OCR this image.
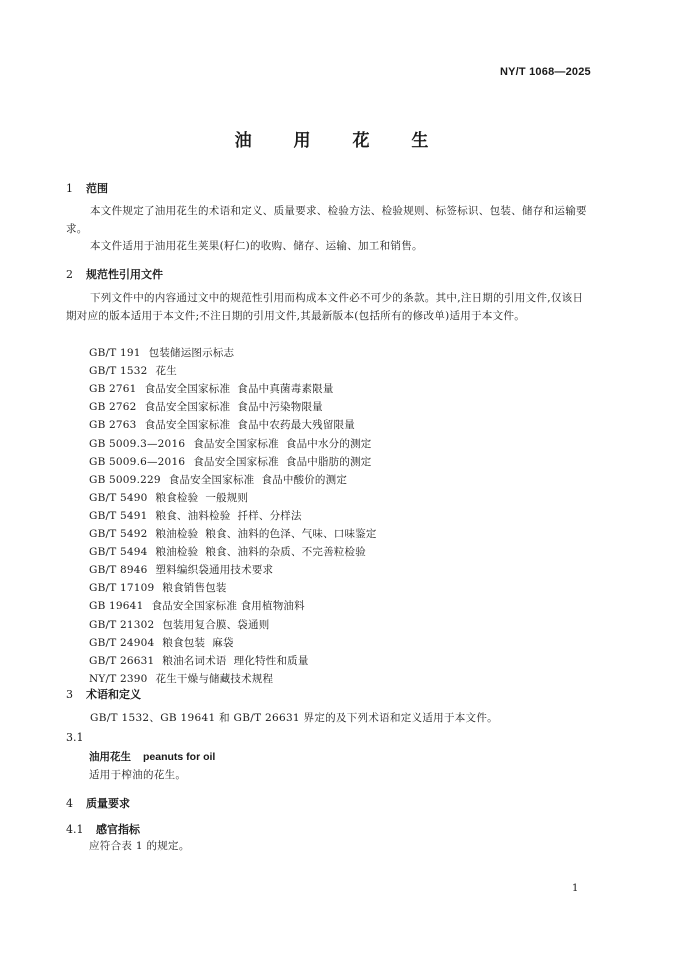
NY/T 1068—2025
油 用 花 生
1 范围
本文件规定了油用花生的术语和定义、质量要求、检验方法、检验规则、标签标识、包装、储存和运输要求。
本文件适用于油用花生荚果(籽仁)的收购、储存、运输、加工和销售。
2 规范性引用文件
下列文件中的内容通过文中的规范性引用而构成本文件必不可少的条款。其中,注日期的引用文件,仅该日期对应的版本适用于本文件;不注日期的引用文件,其最新版本(包括所有的修改单)适用于本文件。
GB/T 191 包装储运图示标志
GB/T 1532 花生
GB 2761 食品安全国家标准  食品中真菌毒素限量
GB 2762 食品安全国家标准  食品中污染物限量
GB 2763 食品安全国家标准  食品中农药最大残留限量
GB 5009.3—2016 食品安全国家标准  食品中水分的测定
GB 5009.6—2016 食品安全国家标准  食品中脂肪的测定
GB 5009.229 食品安全国家标准  食品中酸价的测定
GB/T 5490 粮食检验  一般规则
GB/T 5491 粮食、油料检验  扦样、分样法
GB/T 5492 粮油检验  粮食、油料的色泽、气味、口味鉴定
GB/T 5494 粮油检验  粮食、油料的杂质、不完善粒检验
GB/T 8946 塑料编织袋通用技术要求
GB/T 17109 粮食销售包装
GB 19641 食品安全国家标准 食用植物油料
GB/T 21302 包装用复合膜、袋通则
GB/T 24904 粮食包装  麻袋
GB/T 26631 粮油名词术语  理化特性和质量
NY/T 2390 花生干燥与储藏技术规程
3 术语和定义
GB/T 1532、GB 19641 和 GB/T 26631 界定的及下列术语和定义适用于本文件。
3.1
油用花生 peanuts for oil
适用于榨油的花生。
4 质量要求
4.1 感官指标
应符合表 1 的规定。
1
